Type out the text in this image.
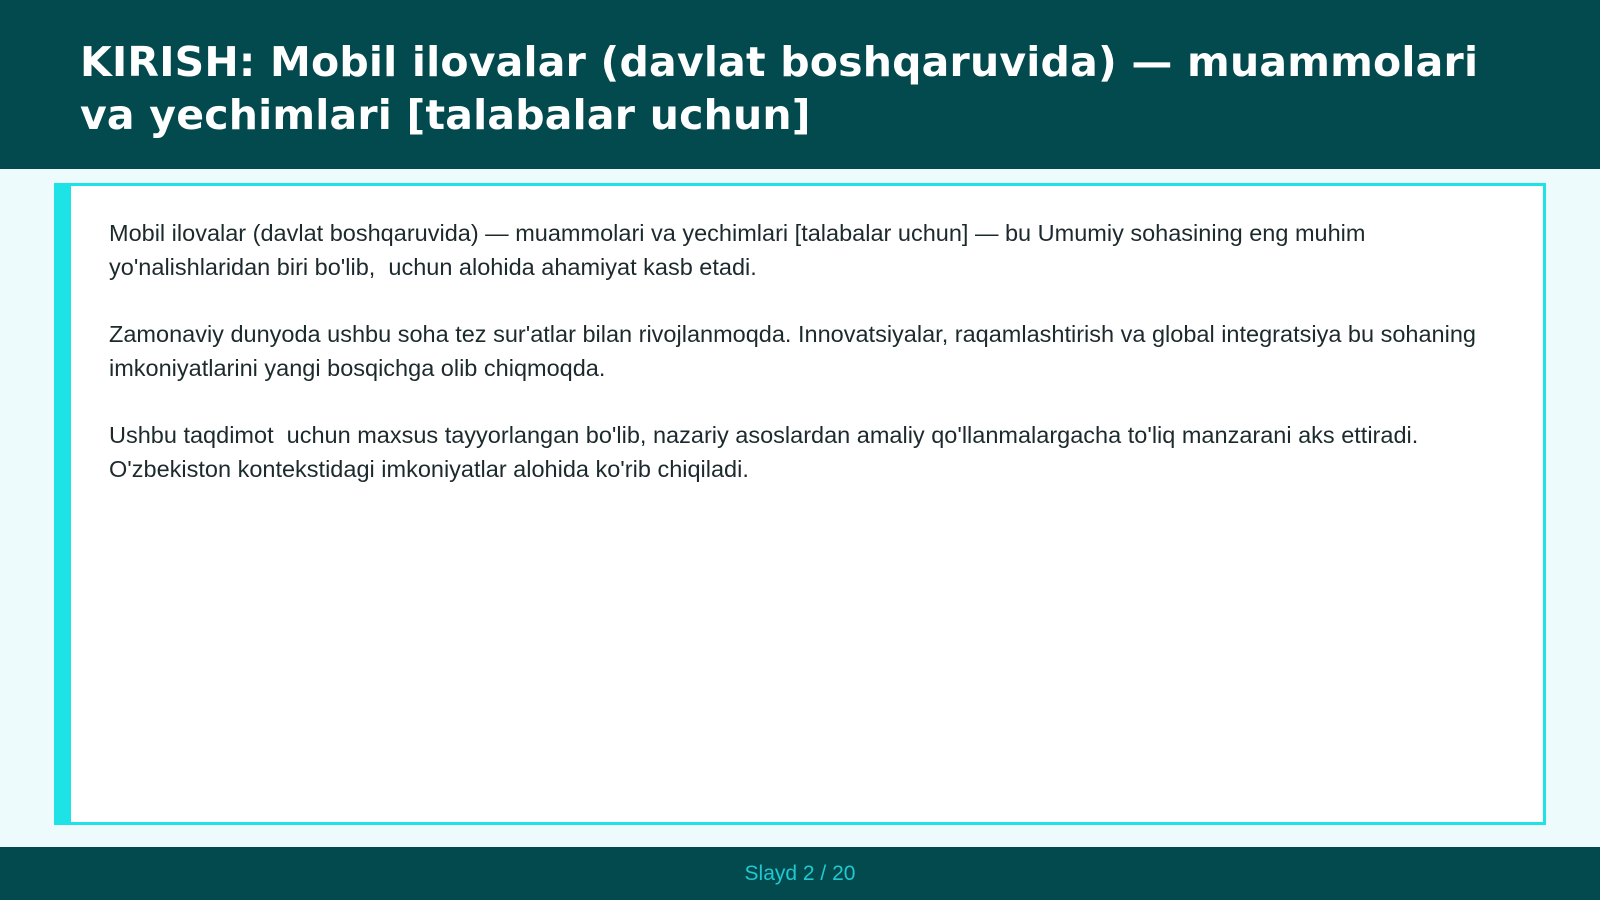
KIRISH: Mobil ilovalar (davlat boshqaruvida) — muammolari va yechimlari [talabalar uchun]

Mobil ilovalar (davlat boshqaruvida) — muammolari va yechimlari [talabalar uchun] — bu Umumiy sohasining eng muhim yo'nalishlaridan biri bo'lib,  uchun alohida ahamiyat kasb etadi.

Zamonaviy dunyoda ushbu soha tez sur'atlar bilan rivojlanmoqda. Innovatsiyalar, raqamlashtirish va global integratsiya bu sohaning imkoniyatlarini yangi bosqichga olib chiqmoqda.

Ushbu taqdimot  uchun maxsus tayyorlangan bo'lib, nazariy asoslardan amaliy qo'llanmalargacha to'liq manzarani aks ettiradi. O'zbekiston kontekstidagi imkoniyatlar alohida ko'rib chiqiladi.

Slayd 2 / 20
